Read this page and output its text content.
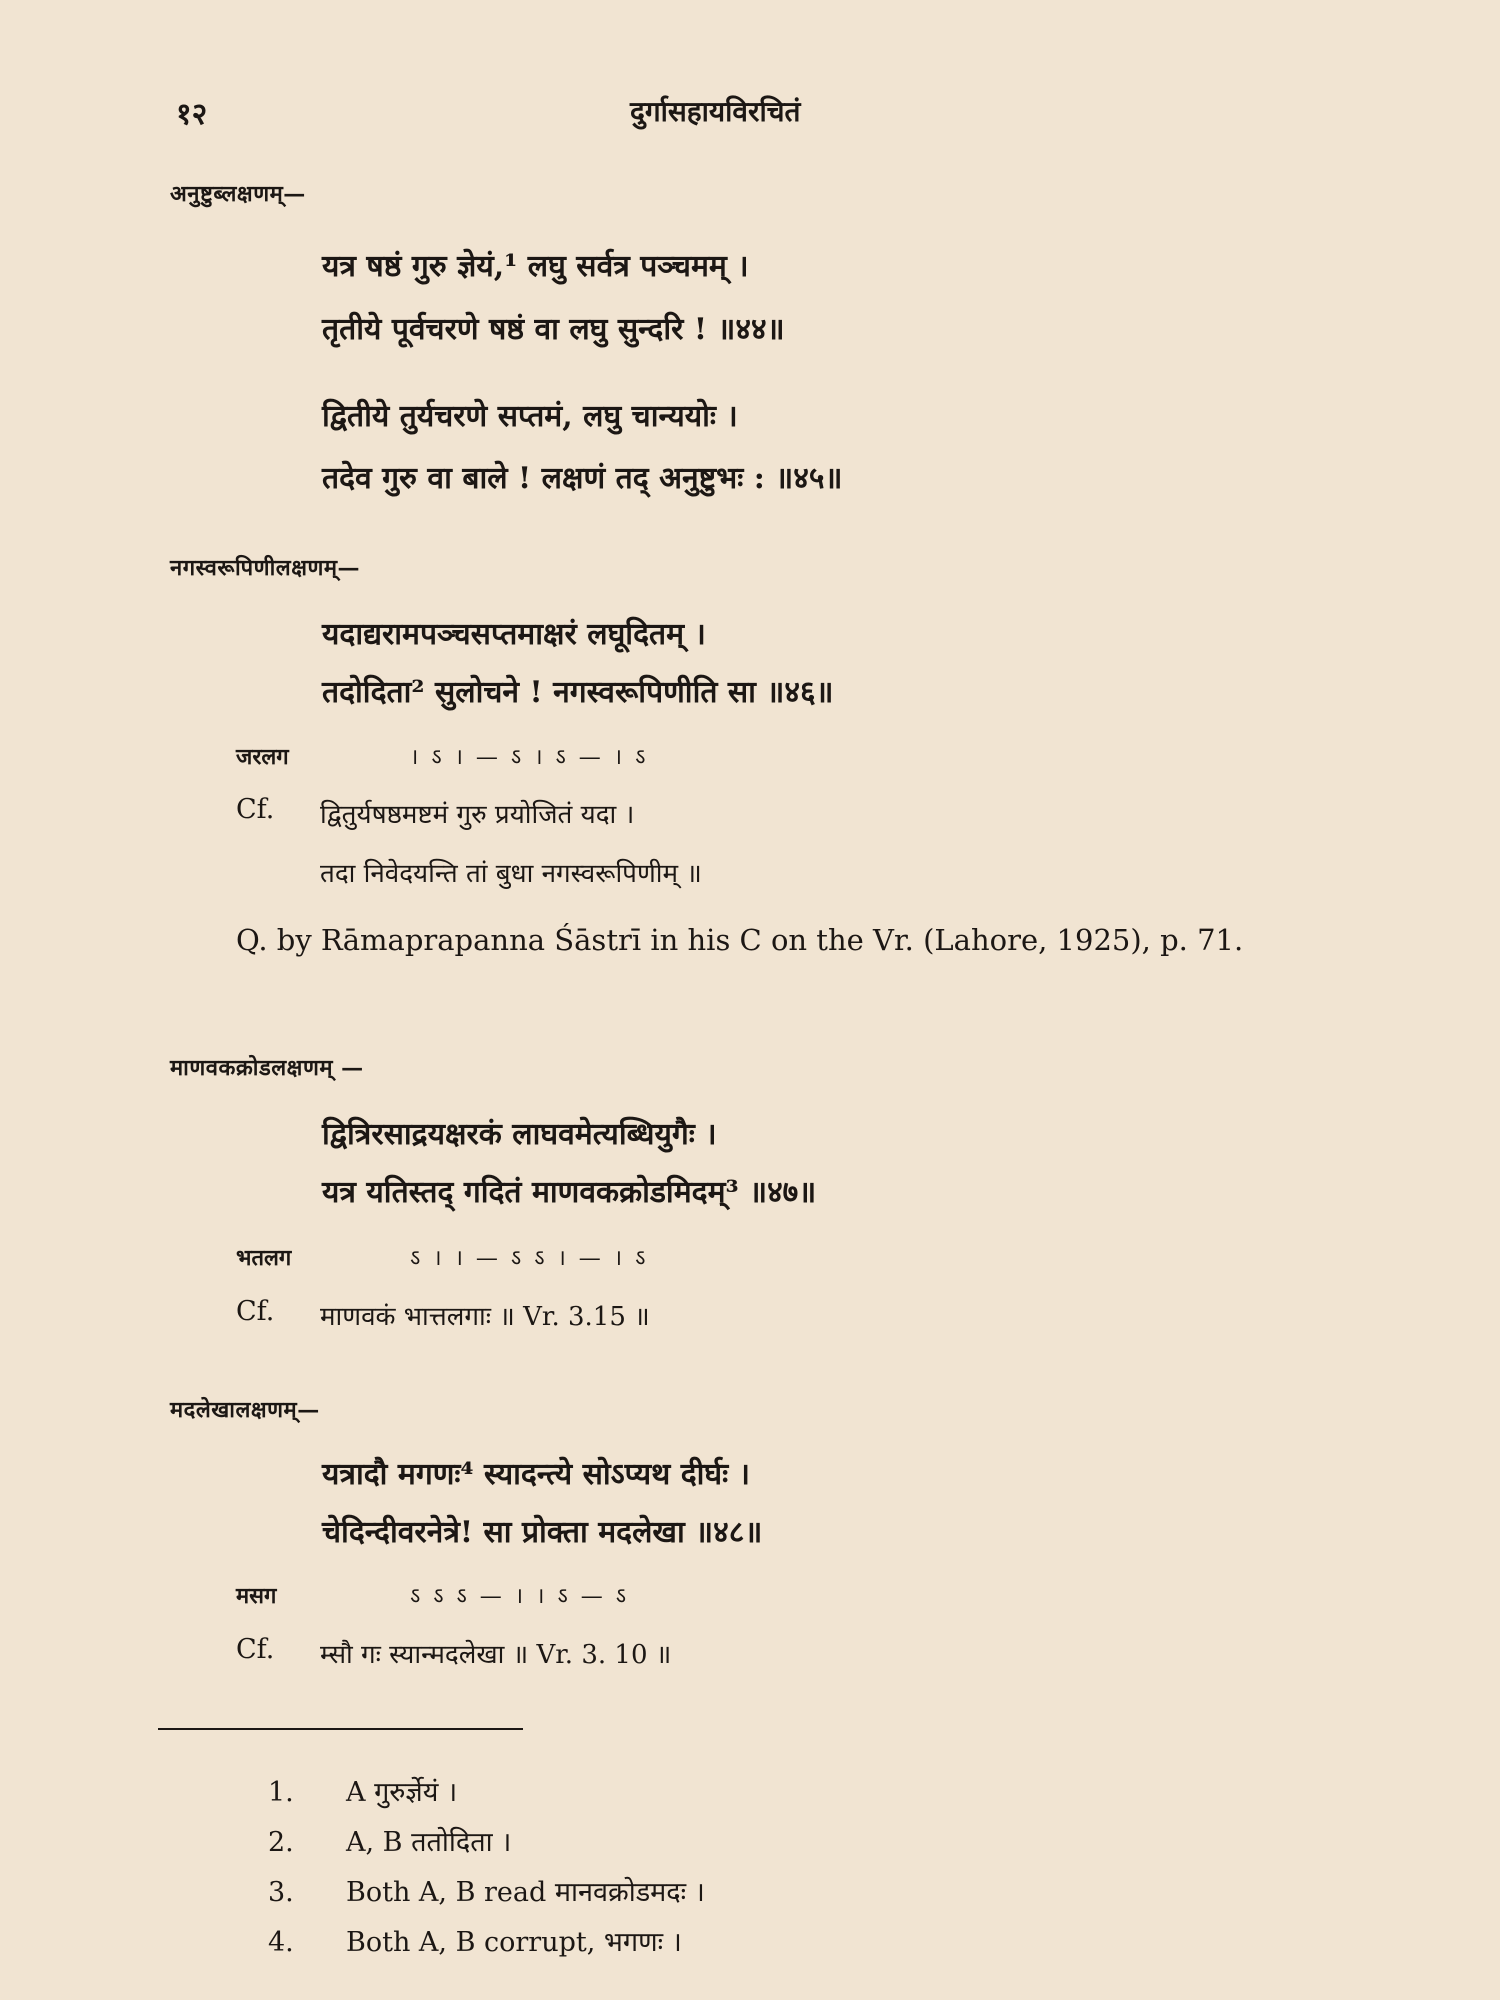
१२	दुर्गासहायविरचितं
अनुष्टुब्लक्षणम्—
यत्र षष्ठं गुरु ज्ञेयं,¹ लघु सर्वत्र पञ्चमम् ।
तृतीये पूर्वचरणे षष्ठं वा लघु सुन्दरि ! ॥४४॥
द्वितीये तुर्यचरणे सप्तमं, लघु चान्ययोः ।
तदेव गुरु वा बाले ! लक्षणं तद् अनुष्टुभः : ॥४५॥
नगस्वरूपिणीलक्षणम्—
यदाद्यरामपञ्चसप्तमाक्षरं लघूदितम् ।
तदोदिता² सुलोचने ! नगस्वरूपिणीति सा ॥४६॥
जरलग	। ऽ । — ऽ । ऽ — । ऽ
Cf. द्वितुर्यषष्ठमष्टमं गुरु प्रयोजितं यदा ।
तदा निवेदयन्ति तां बुधा नगस्वरूपिणीम् ॥
Q. by Rāmaprapanna Śāstrī in his C on the Vr. (Lahore, 1925), p. 71.
माणवकक्रोडलक्षणम् —
द्वित्रिरसाद्रयक्षरकं लाघवमेत्यब्धियुगैः ।
यत्र यतिस्तद् गदितं माणवकक्रोडमिदम्³ ॥४७॥
भतलग	ऽ । । — ऽ ऽ । — । ऽ
Cf. माणवकं भात्तलगाः ॥ Vr. 3.15 ॥
मदलेखालक्षणम्—
यत्रादौ मगणः⁴ स्यादन्त्ये सोऽप्यथ दीर्घः ।
चेदिन्दीवरनेत्रे! सा प्रोक्ता मदलेखा ॥४८॥
मसग	ऽ ऽ ऽ — । । ऽ — ऽ
Cf. म्सौ गः स्यान्मदलेखा ॥ Vr. 3. 10 ॥
1. A गुरुर्ज्ञेयं ।
2. A, B ततोदिता ।
3. Both A, B read मानवक्रोडमदः ।
4. Both A, B corrupt, भगणः ।
